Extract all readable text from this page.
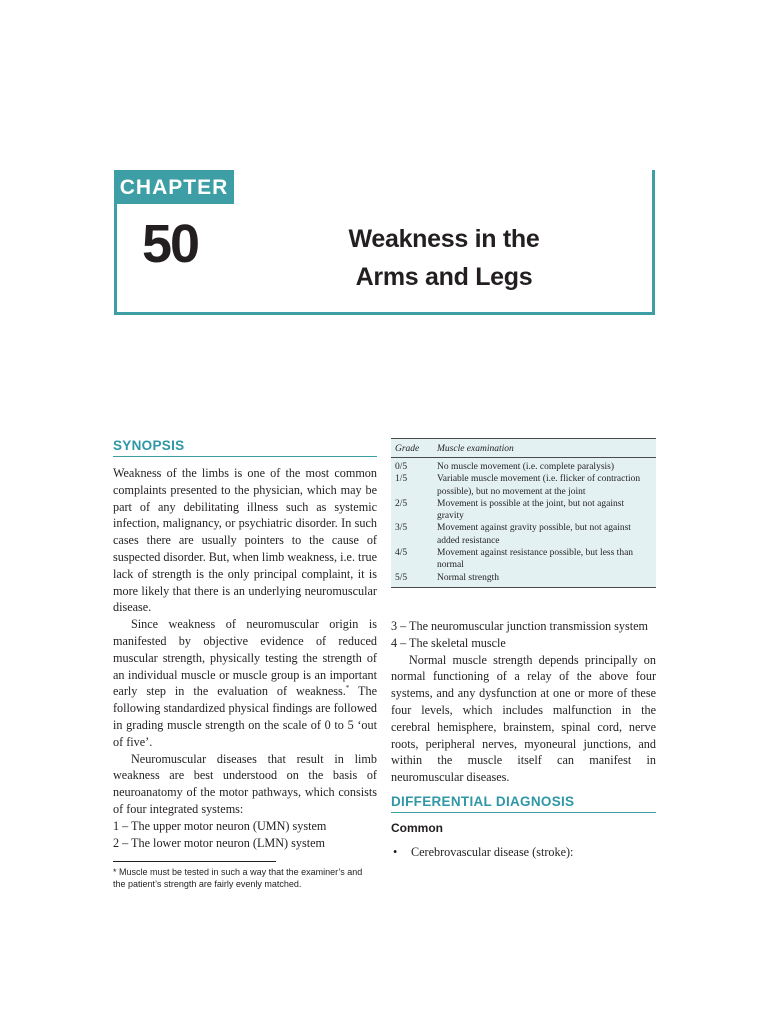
CHAPTER
50	Weakness in the
Arms and Legs
SYNOPSIS

Weakness of the limbs is one of the most common complaints presented to the physician, which may be part of any debilitating illness such as systemic infection, malignancy, or psychiatric disorder. In such cases there are usually pointers to the cause of suspected disorder. But, when limb weakness, i.e. true lack of strength is the only principal complaint, it is more likely that there is an underlying neuromuscular disease.

Since weakness of neuromuscular origin is manifested by objective evidence of reduced muscular strength, physically testing the strength of an individual muscle or muscle group is an important early step in the evaluation of weakness.* The following standardized physical findings are followed in grading muscle strength on the scale of 0 to 5 ‘out of five’.

Neuromuscular diseases that result in limb weakness are best understood on the basis of neuroanatomy of the motor pathways, which consists of four integrated systems:

1 – The upper motor neuron (UMN) system

2 – The lower motor neuron (LMN) system

* Muscle must be tested in such a way that the examiner’s and the patient’s strength are fairly evenly matched.
Grade	Muscle examination
0/5	No muscle movement (i.e. complete paralysis)
1/5	Variable muscle movement (i.e. flicker of contraction possible), but no movement at the joint
2/5	Movement is possible at the joint, but not against gravity
3/5	Movement against gravity possible, but not against added resistance
4/5	Movement against resistance possible, but less than normal
5/5	Normal strength

3 – The neuromuscular junction transmission system

4 – The skeletal muscle

Normal muscle strength depends principally on normal functioning of a relay of the above four systems, and any dysfunction at one or more of these four levels, which includes malfunction in the cerebral hemisphere, brainstem, spinal cord, nerve roots, peripheral nerves, myoneural junctions, and within the muscle itself can manifest in neuromuscular diseases.

DIFFERENTIAL DIAGNOSIS
Common
•	Cerebrovascular disease (stroke):
